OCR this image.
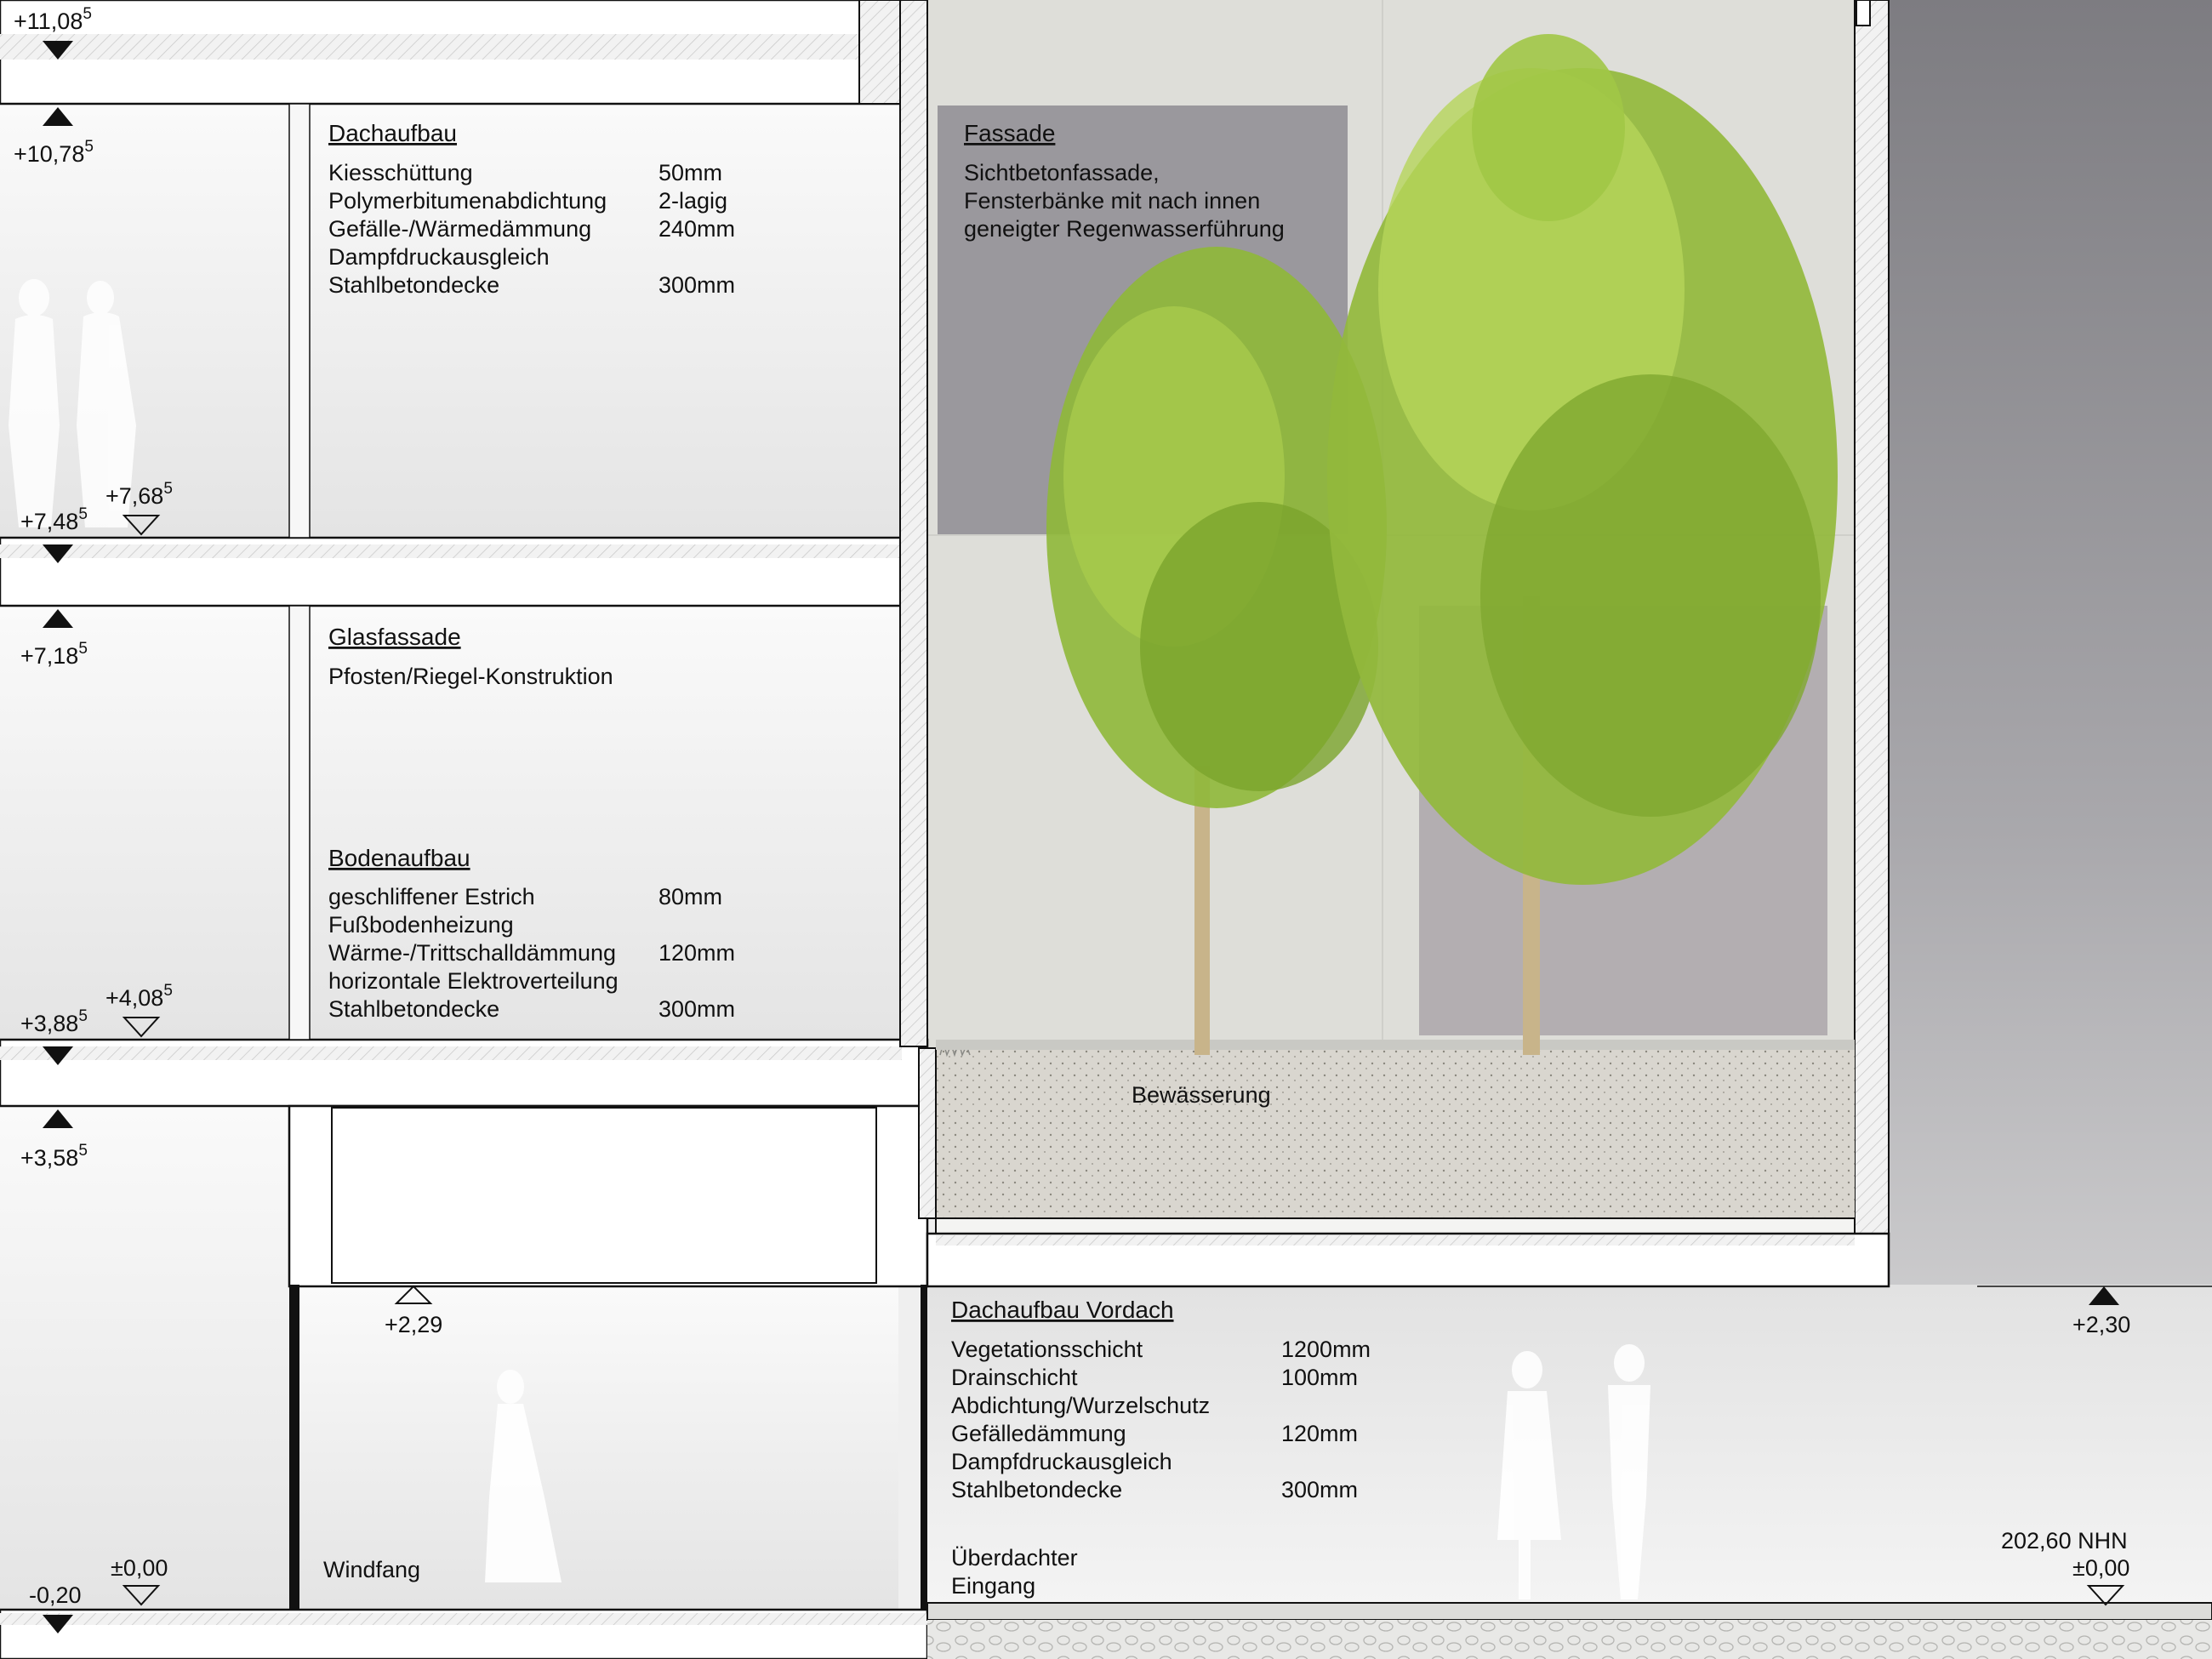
$+11,08^5$
$+10,78^5$
$+7,48^5$
$+7,68^5$
$+7,18^5$
$+3,88^5$
$+4,08^5$
$+3,58^5$
+2,29	+2,30
±0,00
-0,20
202,60 NHN
±0,00
Dachaufbau
Kiesschüttung	50mm
Polymerbitumenabdichtung 2-lagig
Gefälle-/Wärmedämmung	240mm
Dampfdruckausgleich
Stahlbetondecke	300mm
Glasfassade
Pfosten/Riegel-Konstruktion
Bodenaufbau
geschliffener Estrich	80mm
Fußbodenheizung
Wärme-/Trittschalldämmung 120mm
horizontale Elektroverteilung
Stahlbetondecke	300mm
Fassade
Sichtbetonfassade,
Fensterbänke mit nach innen
geneigter Regenwasserführung
Bewässerung
Dachaufbau Vordach
Vegetationsschicht	1200mm
Drainschicht	100mm
Abdichtung/Wurzelschutz
Gefälledämmung	120mm
Dampfdruckausgleich
Stahlbetondecke	300mm
Windfang	Überdachter
Eingang
